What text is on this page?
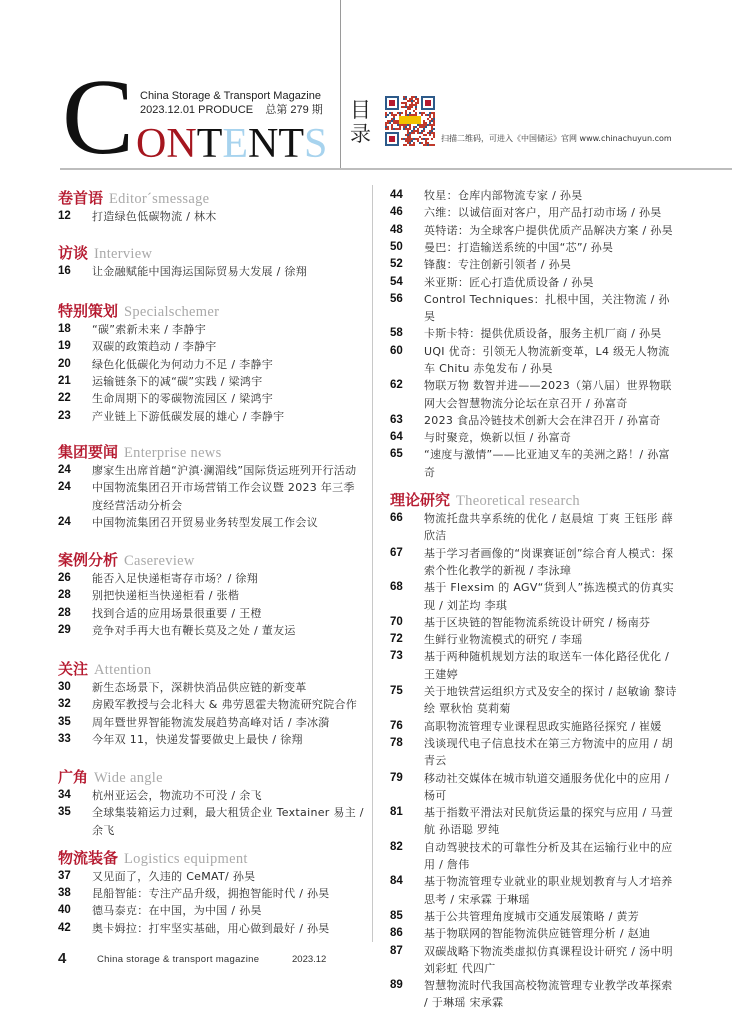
C ONTENTS
China Storage & Transport Magazine
2023.12.01 PRODUCE    总第 279 期 目
录	扫描二维码，可进入《中国储运》官网 www.chinachuyun.com
卷首语 Editor´smessage
12	打造绿色低碳物流 / 林木
访谈 Interview
16	让金融赋能中国海运国际贸易大发展 / 徐翔
特别策划 Specialschemer
18	“碳”索新未来 / 李静宇
19	双碳的政策趋动 / 李静宇
20	绿色化低碳化为何动力不足 / 李静宇
21	运输链条下的减“碳”实践 / 梁鸿宇
22	生命周期下的零碳物流园区 / 梁鸿宇
23	产业链上下游低碳发展的雄心 / 李静宇
集团要闻 Enterprise news
24	廖家生出席首趟“沪滇·澜湄线”国际货运班列开行活动
24	中国物流集团召开市场营销工作会议暨 2023 年三季度经营活动分析会
24	中国物流集团召开贸易业务转型发展工作会议
案例分析 Casereview
26	能否入足快递柜寄存市场？/ 徐翔
28	别把快递柜当快递柜看 / 张楷
28	找到合适的应用场景很重要 / 王橙
29	竞争对手再大也有鞭长莫及之处 / 董友运
关注 Attention
30	新生态场景下，深耕快消品供应链的新变革
32	房殿军教授与会北科大 & 弗劳恩霍夫物流研究院合作
35	周年暨世界智能物流发展趋势高峰对话 / 李冰漪
33	今年双 11，快递发誓要做史上最快 / 徐翔
广角 Wide angle
34	杭州亚运会，物流功不可没 / 余飞
35	全球集装箱运力过剩，最大租赁企业 Textainer 易主 / 余飞
物流装备 Logistics equipment
37	又见面了，久违的 CeMAT/ 孙昊
38	昆船智能：专注产品升级，拥抱智能时代 / 孙昊
40	德马泰克：在中国，为中国 / 孙昊
42	奥卡姆拉：打牢坚实基础，用心做到最好 / 孙昊
44	牧星：仓库内部物流专家 / 孙昊
46	六维：以诚信面对客户，用产品打动市场 / 孙昊
48	英特诺：为全球客户提供优质产品解决方案 / 孙昊
50	曼巴：打造输送系统的中国“芯”/ 孙昊
52	锋馥：专注创新引领者 / 孙昊
54	米亚斯：匠心打造优质设备 / 孙昊
56	Control Techniques：扎根中国，关注物流 / 孙昊
58	卡斯卡特：提供优质设备，服务主机厂商 / 孙昊
60	UQI 优奇：引领无人物流新变革，L4 级无人物流车 Chitu 赤兔发布 / 孙昊
62	物联万物 数智并进——2023（第八届）世界物联网大会智慧物流分论坛在京召开 / 孙富奇
63	2023 食品冷链技术创新大会在津召开 / 孙富奇
64	与时聚竞，焕新以恒 / 孙富奇
65	“速度与激情”——比亚迪叉车的美洲之路！/ 孙富奇
理论研究 Theoretical research
66	物流托盘共享系统的优化 / 赵晨煊 丁爽 王钰彤 薛欣洁
67	基于学习者画像的“岗课赛证创”综合育人模式：探索个性化教学的新视 / 李泳璋
68	基于 Flexsim 的 AGV“货到人”拣选模式的仿真实现 / 刘芷均 李琪
70	基于区块链的智能物流系统设计研究 / 杨南芬
72	生鲜行业物流模式的研究 / 李瑶
73	基于两种随机规划方法的取送车一体化路径优化 / 王建婷
75	关于地铁营运组织方式及安全的探讨 / 赵敏谕 黎诗绘 覃秋怡 莫莉菊
76	高职物流管理专业课程思政实施路径探究 / 崔媛
78	浅谈现代电子信息技术在第三方物流中的应用 / 胡青云
79	移动社交媒体在城市轨道交通服务优化中的应用 / 杨可
81	基于指数平滑法对民航货运量的探究与应用 / 马萱航 孙语聪 罗纯
82	自动驾驶技术的可靠性分析及其在运输行业中的应用 / 詹伟
84	基于物流管理专业就业的职业规划教育与人才培养思考 / 宋承霖 于琳瑶
85	基于公共管理角度城市交通发展策略 / 黄芳
86	基于物联网的智能物流供应链管理分析 / 赵迪
87	双碳战略下物流类虚拟仿真课程设计研究 / 汤中明 刘彩虹 代四广
89	智慧物流时代我国高校物流管理专业教学改革探索 / 于琳瑶 宋承霖
4	China storage & transport magazine	2023.12
